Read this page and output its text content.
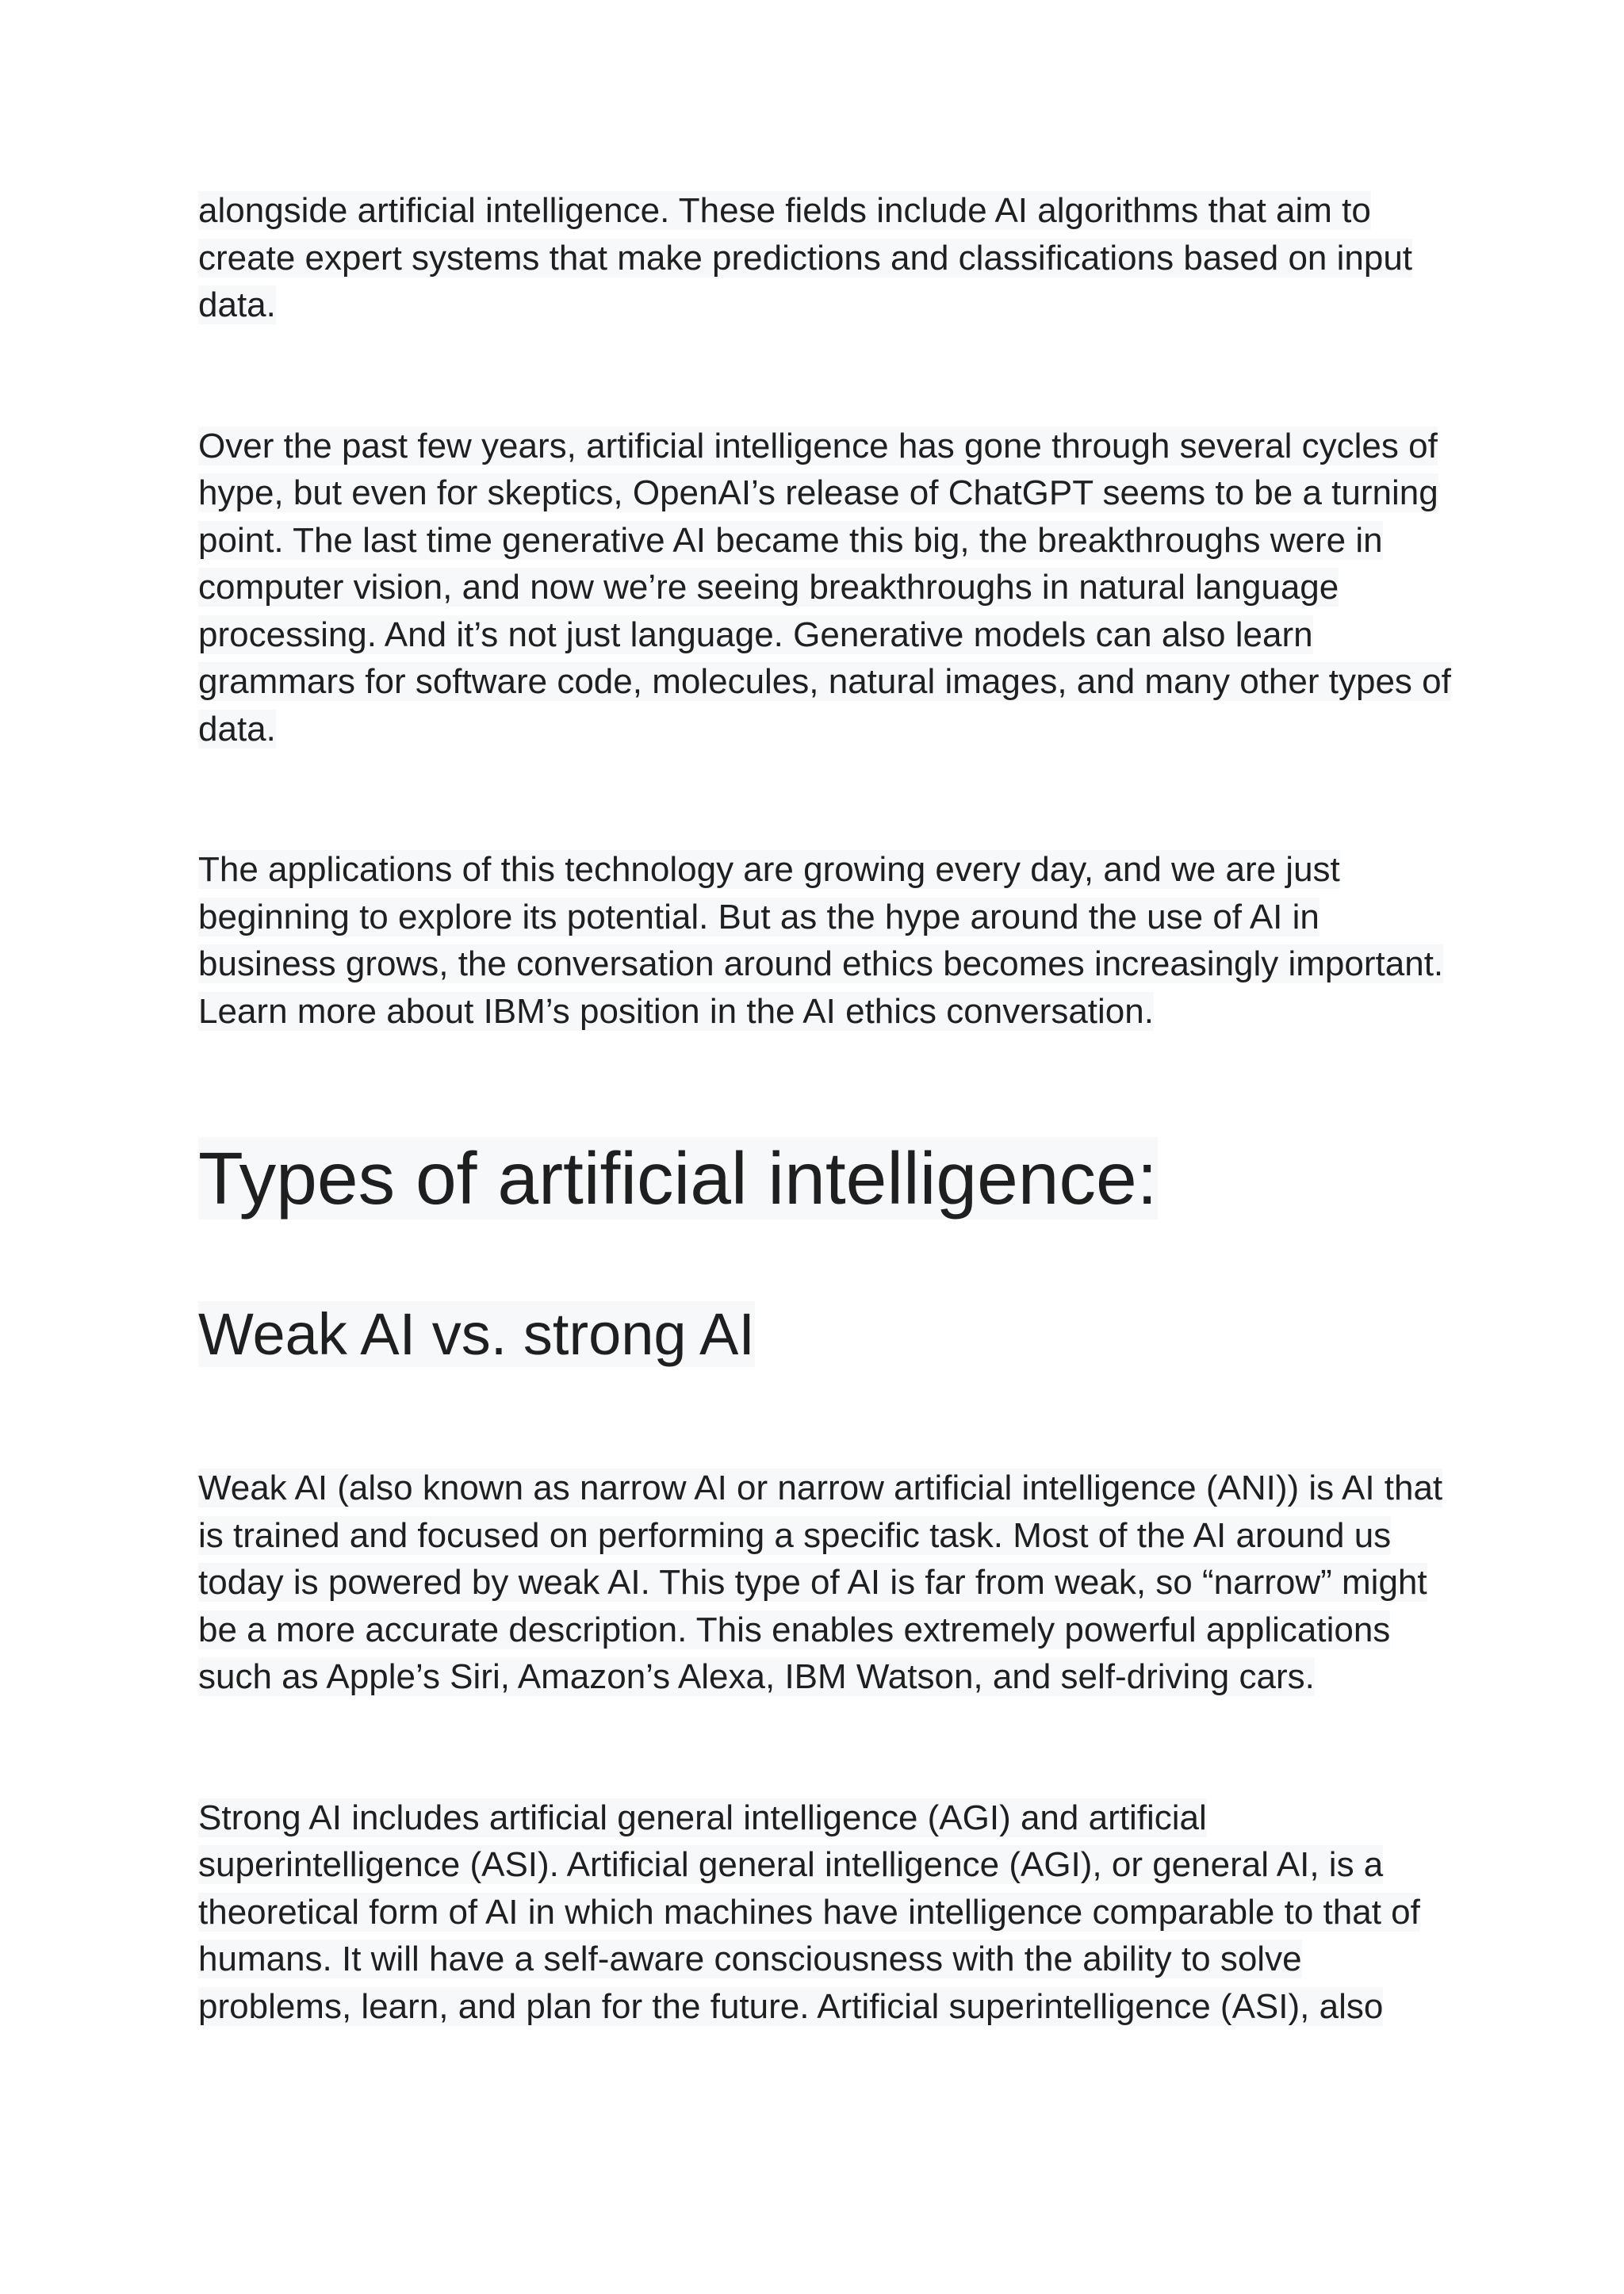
alongside artificial intelligence. These fields include AI algorithms that aim to create expert systems that make predictions and classifications based on input data.

Over the past few years, artificial intelligence has gone through several cycles of hype, but even for skeptics, OpenAI’s release of ChatGPT seems to be a turning point. The last time generative AI became this big, the breakthroughs were in computer vision, and now we’re seeing breakthroughs in natural language processing. And it’s not just language. Generative models can also learn grammars for software code, molecules, natural images, and many other types of data.

The applications of this technology are growing every day, and we are just beginning to explore its potential. But as the hype around the use of AI in business grows, the conversation around ethics becomes increasingly important. Learn more about IBM’s position in the AI ethics conversation.

Types of artificial intelligence:
Weak AI vs. strong AI

Weak AI (also known as narrow AI or narrow artificial intelligence (ANI)) is AI that is trained and focused on performing a specific task. Most of the AI around us today is powered by weak AI. This type of AI is far from weak, so “narrow” might be a more accurate description. This enables extremely powerful applications such as Apple’s Siri, Amazon’s Alexa, IBM Watson, and self-driving cars.

Strong AI includes artificial general intelligence (AGI) and artificial superintelligence (ASI). Artificial general intelligence (AGI), or general AI, is a theoretical form of AI in which machines have intelligence comparable to that of humans. It will have a self-aware consciousness with the ability to solve problems, learn, and plan for the future. Artificial superintelligence (ASI), also
